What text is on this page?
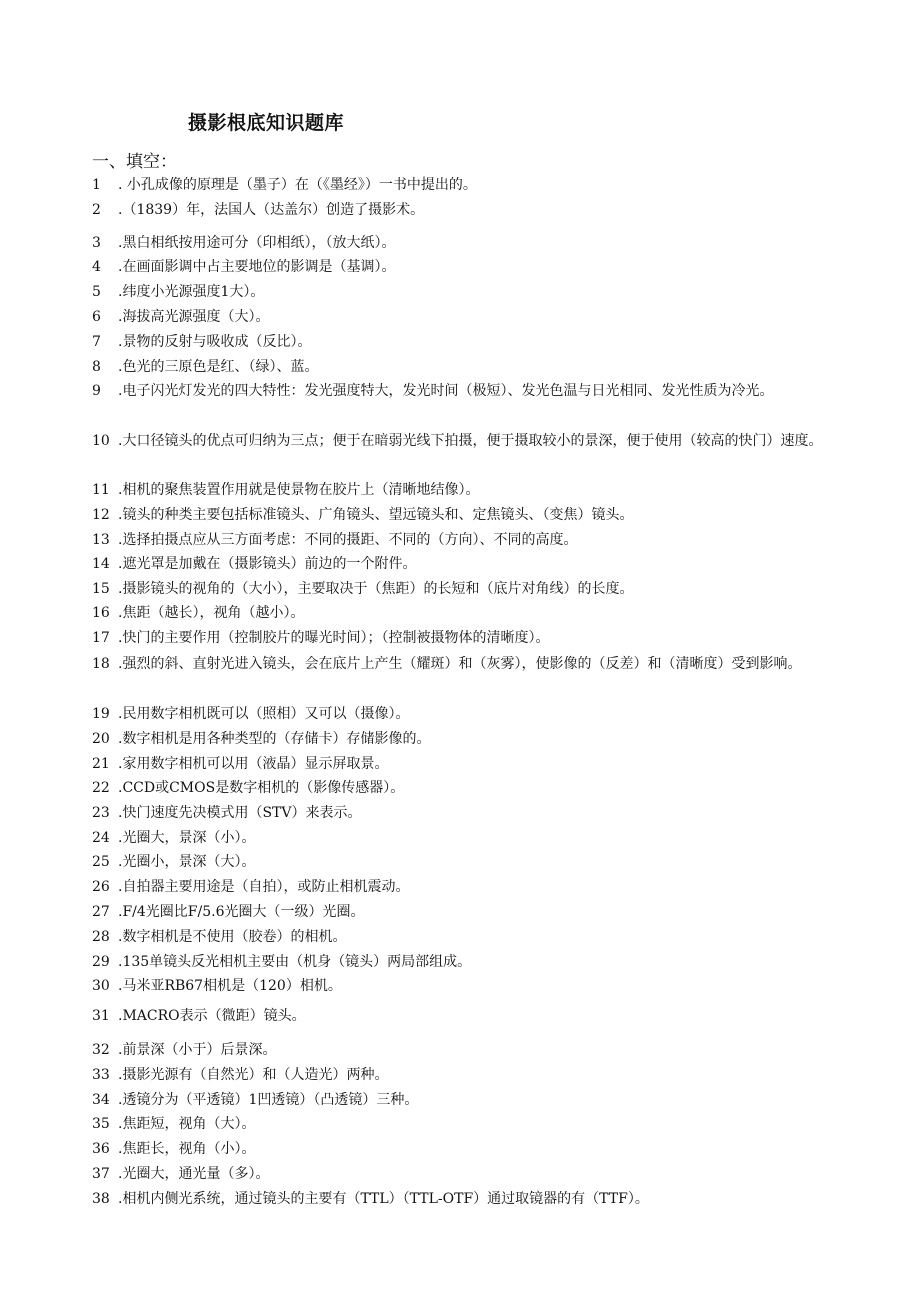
摄影根底知识题库
一、填空：
1 . 小孔成像的原理是（墨子）在（《墨经》）一书中提出的。
2 .（1839）年，法国人（达盖尔）创造了摄影术。
3 .黑白相纸按用途可分（印相纸），（放大纸）。
4 .在画面影调中占主要地位的影调是（基调）。
5 .纬度小光源强度1大）。
6 .海拔高光源强度（大）。
7 .景物的反射与吸收成（反比）。
8 .色光的三原色是红、（绿）、蓝。
9 .电子闪光灯发光的四大特性：发光强度特大，发光时间（极短）、发光色温与日光相同、发光性质为冷光。
10 .大口径镜头的优点可归纳为三点；便于在暗弱光线下拍摄，便于摄取较小的景深，便于使用（较高的快门）速度。
11 .相机的聚焦装置作用就是使景物在胶片上（清晰地结像）。
12 .镜头的种类主要包括标准镜头、广角镜头、望远镜头和、定焦镜头、（变焦）镜头。
13 .选择拍摄点应从三方面考虑：不同的摄距、不同的（方向）、不同的高度。
14 .遮光罩是加戴在（摄影镜头）前边的一个附件。
15 .摄影镜头的视角的（大小），主要取决于（焦距）的长短和（底片对角线）的长度。
16 .焦距（越长），视角（越小）。
17 .快门的主要作用（控制胶片的曝光时间）；（控制被摄物体的清晰度）。
18 .强烈的斜、直射光进入镜头，会在底片上产生（耀斑）和（灰雾），使影像的（反差）和（清晰度）受到影响。
19 .民用数字相机既可以（照相）又可以（摄像）。
20 .数字相机是用各种类型的（存储卡）存储影像的。
21 .家用数字相机可以用（液晶）显示屏取景。
22 .CCD或CMOS是数字相机的（影像传感器）。
23 .快门速度先决模式用（STV）来表示。
24 .光圈大，景深（小）。
25 .光圈小，景深（大）。
26 .自拍器主要用途是（自拍），或防止相机震动。
27 .F/4光圈比F/5.6光圈大（一级）光圈。
28 .数字相机是不使用（胶卷）的相机。
29 .135单镜头反光相机主要由（机身（镜头）两局部组成。
30 .马米亚RB67相机是（120）相机。
31 .MACRO表示（微距）镜头。
32 .前景深（小于）后景深。
33 .摄影光源有（自然光）和（人造光）两种。
34 .透镜分为（平透镜）1凹透镜）（凸透镜）三种。
35 .焦距短，视角（大）。
36 .焦距长，视角（小）。
37 .光圈大，通光量（多）。
38 .相机内侧光系统，通过镜头的主要有（TTL）（TTL-OTF）通过取镜器的有（TTF）。
